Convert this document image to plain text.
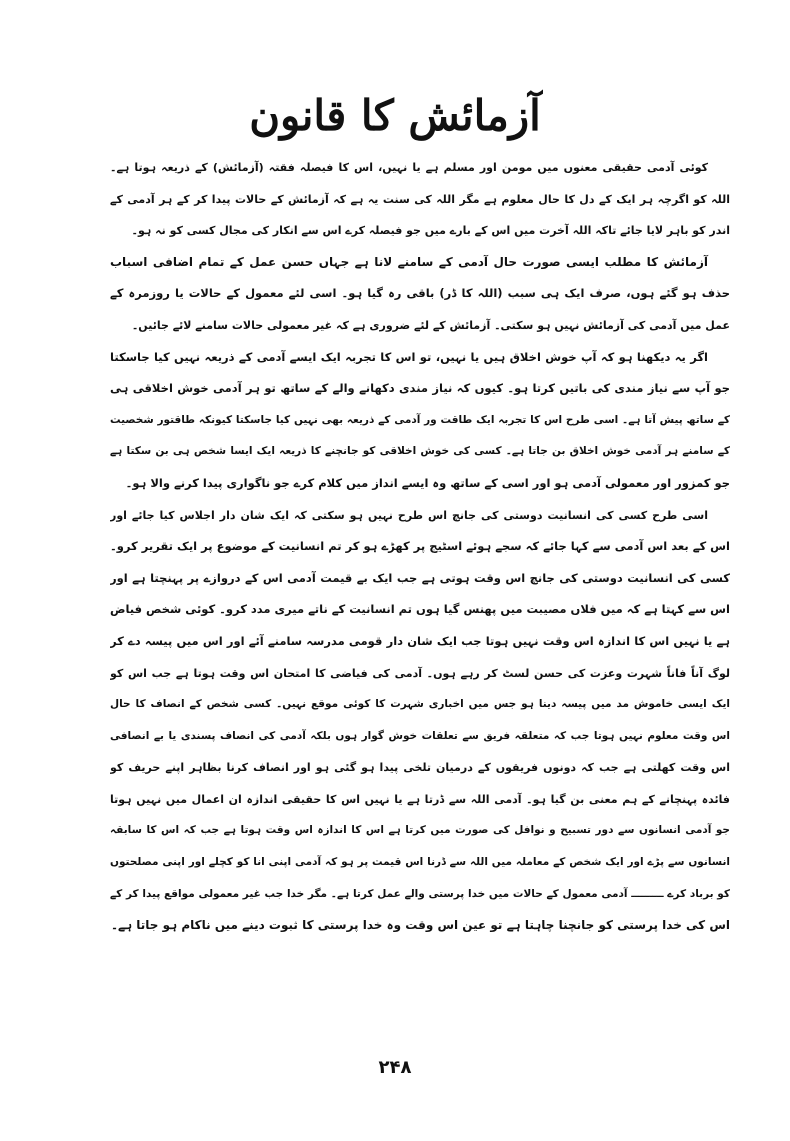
آزمائش کا قانون
کوئی آدمی حقیقی معنوں میں مومن اور مسلم ہے یا نہیں، اس کا فیصلہ فقتہ (آزمائش) کے ذریعہ ہوتا ہے۔
اللہ کو اگرچہ ہر ایک کے دل کا حال معلوم ہے مگر اللہ کی سنت یہ ہے کہ آزمائش کے حالات پیدا کر کے ہر آدمی کے
اندر کو باہر لایا جائے تاکہ اللہ آخرت میں اس کے بارے میں جو فیصلہ کرے اس سے انکار کی مجال کسی کو نہ ہو۔
آزمائش کا مطلب ایسی صورت حال آدمی کے سامنے لانا ہے جہاں حسن عمل کے تمام اضافی اسباب
حذف ہو گئے ہوں، صرف ایک ہی سبب (اللہ کا ڈر) باقی رہ گیا ہو۔ اسی لئے معمول کے حالات یا روزمرہ کے
عمل میں آدمی کی آزمائش نہیں ہو سکتی۔ آزمائش کے لئے ضروری ہے کہ غیر معمولی حالات سامنے لائے جائیں۔
اگر یہ دیکھنا ہو کہ آپ خوش اخلاق ہیں یا نہیں، تو اس کا تجربہ ایک ایسے آدمی کے ذریعہ نہیں کیا جاسکتا
جو آپ سے نیاز مندی کی باتیں کرتا ہو۔ کیوں کہ نیاز مندی دکھانے والے کے ساتھ تو ہر آدمی خوش اخلاقی ہی
کے ساتھ پیش آتا ہے۔ اسی طرح اس کا تجربہ ایک طاقت ور آدمی کے ذریعہ بھی نہیں کیا جاسکتا کیونکہ طاقتور شخصیت
کے سامنے ہر آدمی خوش اخلاق بن جاتا ہے۔ کسی کی خوش اخلاقی کو جانچنے کا ذریعہ ایک ایسا شخص ہی بن سکتا ہے
جو کمزور اور معمولی آدمی ہو اور اسی کے ساتھ وہ ایسے انداز میں کلام کرے جو ناگواری پیدا کرنے والا ہو۔
اسی طرح کسی کی انسانیت دوستی کی جانچ اس طرح نہیں ہو سکتی کہ ایک شان دار اجلاس کیا جائے اور
اس کے بعد اس آدمی سے کہا جائے کہ سجے ہوئے اسٹیج پر کھڑے ہو کر تم انسانیت کے موضوع پر ایک تقریر کرو۔
کسی کی انسانیت دوستی کی جانچ اس وقت ہوتی ہے جب ایک بے قیمت آدمی اس کے دروازے پر پہنچتا ہے اور
اس سے کہتا ہے کہ میں فلاں مصیبت میں پھنس گیا ہوں تم انسانیت کے ناتے میری مدد کرو۔ کوئی شخص فیاض
ہے یا نہیں اس کا اندازہ اس وقت نہیں ہوتا جب ایک شان دار قومی مدرسہ سامنے آئے اور اس میں پیسہ دے کر
لوگ آناً فاناً شہرت وعزت کی حسن لسٹ کر رہے ہوں۔ آدمی کی فیاضی کا امتحان اس وقت ہوتا ہے جب اس کو
ایک ایسی خاموش مد میں پیسہ دینا ہو جس میں اخباری شہرت کا کوئی موقع نہیں۔ کسی شخص کے انصاف کا حال
اس وقت معلوم نہیں ہوتا جب کہ متعلقہ فریق سے تعلقات خوش گوار ہوں بلکہ آدمی کی انصاف پسندی یا بے انصافی
اس وقت کھلتی ہے جب کہ دونوں فریقوں کے درمیان تلخی پیدا ہو گئی ہو اور انصاف کرنا بظاہر اپنے حریف کو
فائدہ پہنچانے کے ہم معنی بن گیا ہو۔ آدمی اللہ سے ڈرتا ہے یا نہیں اس کا حقیقی اندازہ ان اعمال میں نہیں ہوتا
جو آدمی انسانوں سے دور تسبیح و نوافل کی صورت میں کرتا ہے اس کا اندازہ اس وقت ہوتا ہے جب کہ اس کا سابقہ
انسانوں سے پڑے اور ایک شخص کے معاملہ میں اللہ سے ڈرنا اس قیمت پر ہو کہ آدمی اپنی انا کو کچلے اور اپنی مصلحتوں
کو برباد کرے ـــــــــ آدمی معمول کے حالات میں خدا پرستی والے عمل کرتا ہے۔ مگر خدا جب غیر معمولی مواقع پیدا کر کے
اس کی خدا پرستی کو جانچنا چاہتا ہے تو عین اس وقت وہ خدا پرستی کا ثبوت دینے میں ناکام ہو جاتا ہے۔
۲۴۸
